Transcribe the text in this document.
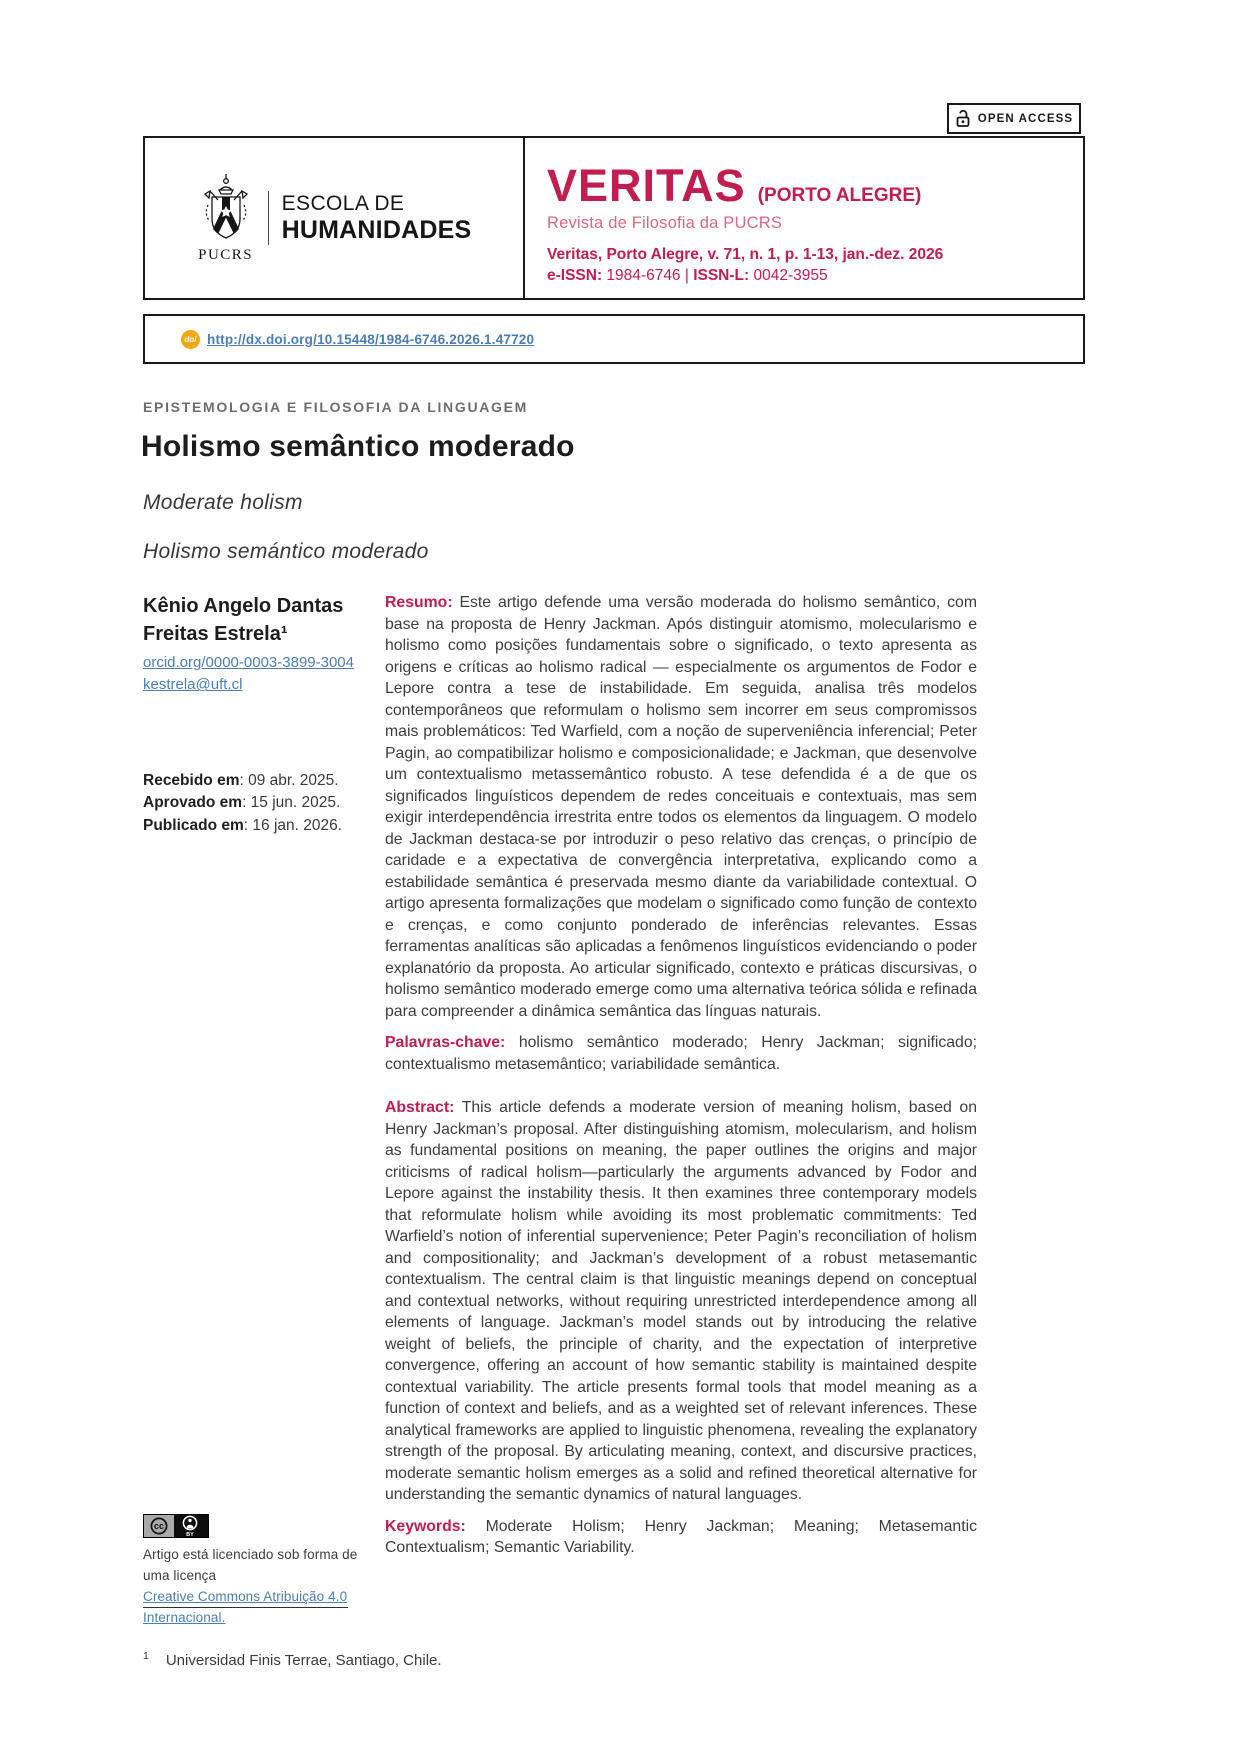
OPEN ACCESS
PUCRS
ESCOLA DE
HUMANIDADES
VERITAS (PORTO ALEGRE)
Revista de Filosofia da PUCRS
Veritas, Porto Alegre, v. 71, n. 1, p. 1-13, jan.-dez. 2026
e-ISSN: 1984-6746 | ISSN-L: 0042-3955
doi http://dx.doi.org/10.15448/1984-6746.2026.1.47720
EPISTEMOLOGIA E FILOSOFIA DA LINGUAGEM
Holismo semântico moderado
Moderate holism
Holismo semántico moderado
Kênio Angelo Dantas Freitas Estrela¹
orcid.org/0000-0003-3899-3004
kestrela@uft.cl
Recebido em: 09 abr. 2025.
Aprovado em: 15 jun. 2025.
Publicado em: 16 jan. 2026.

Resumo: Este artigo defende uma versão moderada do holismo semântico, com base na proposta de Henry Jackman. Após distinguir atomismo, molecularismo e holismo como posições fundamentais sobre o significado, o texto apresenta as origens e críticas ao holismo radical — especialmente os argumentos de Fodor e Lepore contra a tese de instabilidade. Em seguida, analisa três modelos contemporâneos que reformulam o holismo sem incorrer em seus compromissos mais problemáticos: Ted Warfield, com a noção de superveniência inferencial; Peter Pagin, ao compatibilizar holismo e composicionalidade; e Jackman, que desenvolve um contextualismo metassemântico robusto. A tese defendida é a de que os significados linguísticos dependem de redes conceituais e contextuais, mas sem exigir interdependência irrestrita entre todos os elementos da linguagem. O modelo de Jackman destaca-se por introduzir o peso relativo das crenças, o princípio de caridade e a expectativa de convergência interpretativa, explicando como a estabilidade semântica é preservada mesmo diante da variabilidade contextual. O artigo apresenta formalizações que modelam o significado como função de contexto e crenças, e como conjunto ponderado de inferências relevantes. Essas ferramentas analíticas são aplicadas a fenômenos linguísticos evidenciando o poder explanatório da proposta. Ao articular significado, contexto e práticas discursivas, o holismo semântico moderado emerge como uma alternativa teórica sólida e refinada para compreender a dinâmica semântica das línguas naturais.

Palavras-chave: holismo semântico moderado; Henry Jackman; significado; contextualismo metasemântico; variabilidade semântica.

Abstract: This article defends a moderate version of meaning holism, based on Henry Jackman’s proposal. After distinguishing atomism, molecularism, and holism as fundamental positions on meaning, the paper outlines the origins and major criticisms of radical holism—particularly the arguments advanced by Fodor and Lepore against the instability thesis. It then examines three contemporary models that reformulate holism while avoiding its most problematic commitments: Ted Warfield’s notion of inferential supervenience; Peter Pagin’s reconciliation of holism and compositionality; and Jackman’s development of a robust metasemantic contextualism. The central claim is that linguistic meanings depend on conceptual and contextual networks, without requiring unrestricted interdependence among all elements of language. Jackman’s model stands out by introducing the relative weight of beliefs, the principle of charity, and the expectation of interpretive convergence, offering an account of how semantic stability is maintained despite contextual variability. The article presents formal tools that model meaning as a function of context and beliefs, and as a weighted set of relevant inferences. These analytical frameworks are applied to linguistic phenomena, revealing the explanatory strength of the proposal. By articulating meaning, context, and discursive practices, moderate semantic holism emerges as a solid and refined theoretical alternative for understanding the semantic dynamics of natural languages.

Keywords: Moderate Holism; Henry Jackman; Meaning; Metasemantic Contextualism; Semantic Variability.

cc
BY
Artigo está licenciado sob forma de uma licença
Creative Commons Atribuição 4.0 Internacional.
$^1$ Universidad Finis Terrae, Santiago, Chile.
